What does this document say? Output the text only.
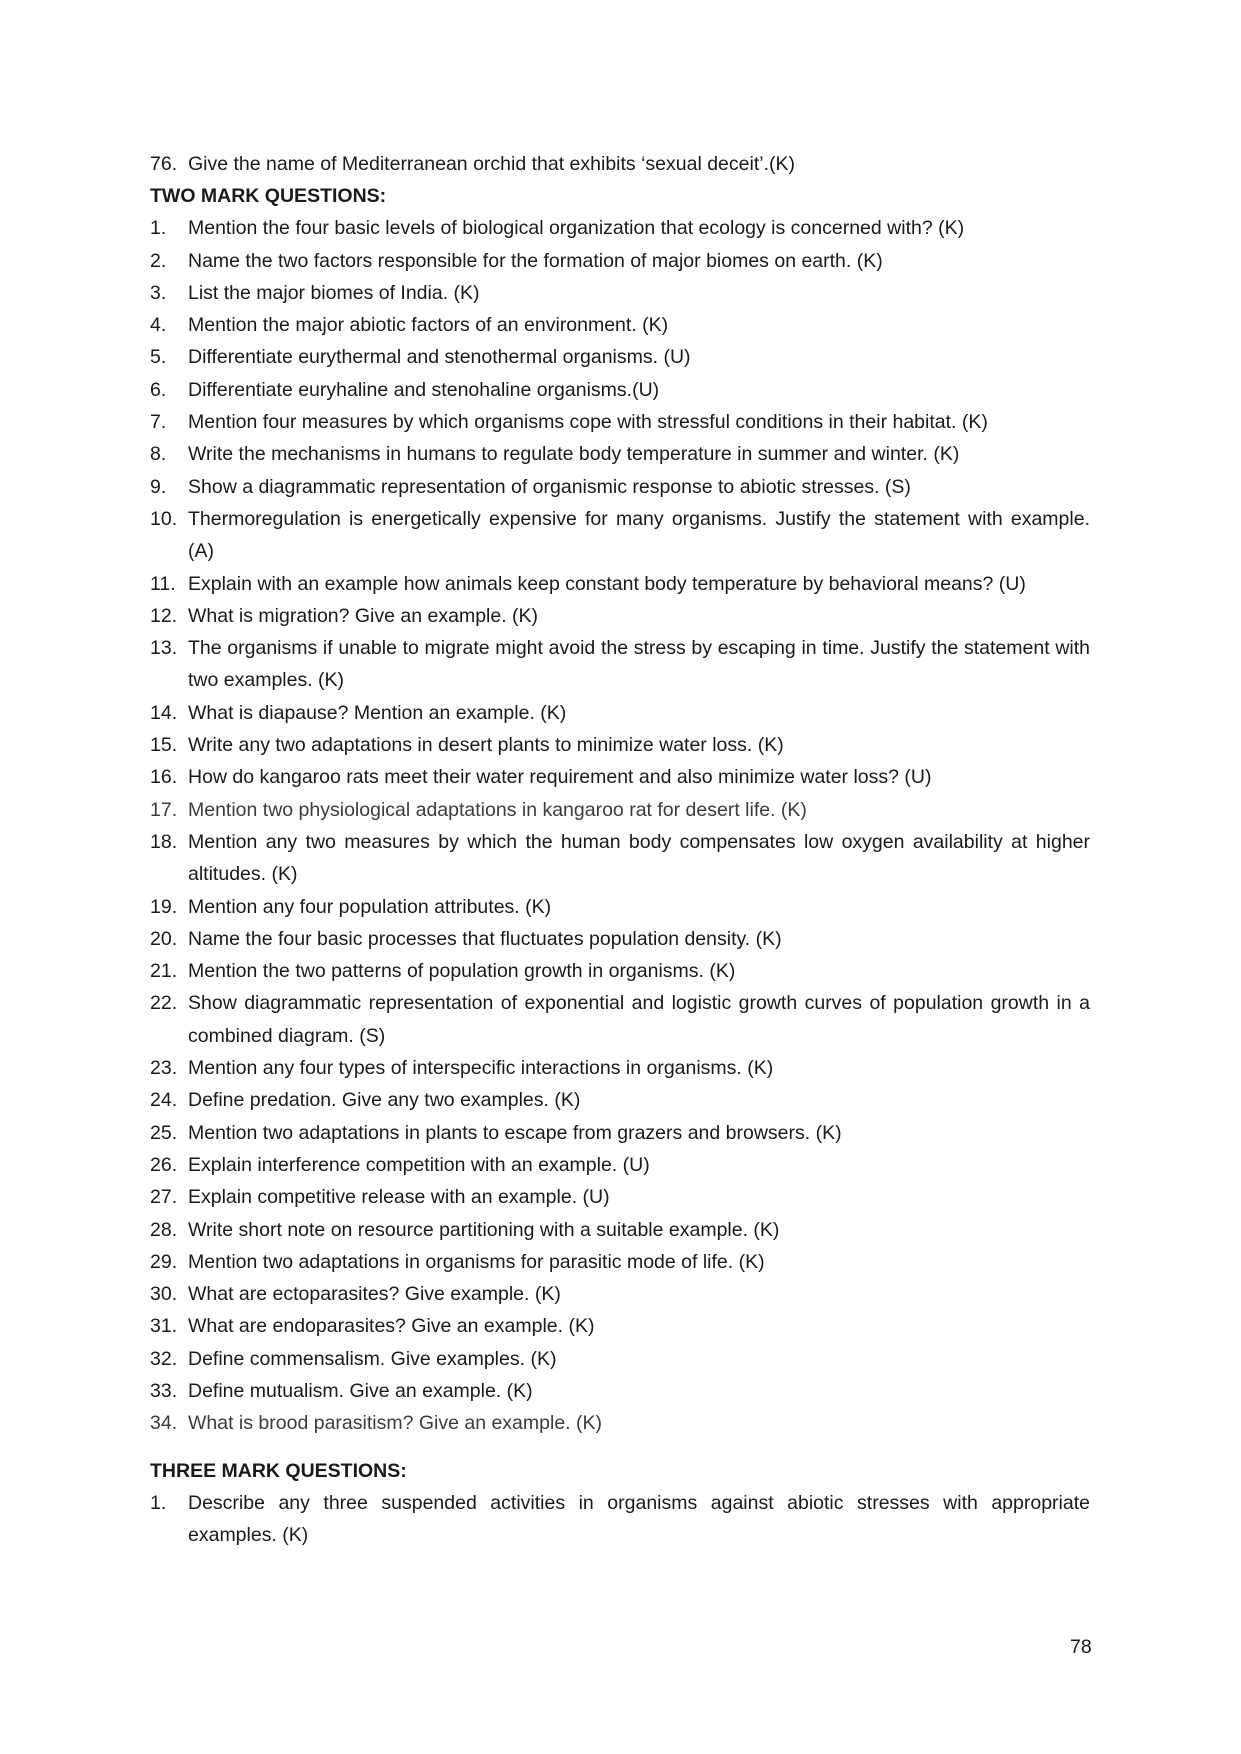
76. Give the name of Mediterranean orchid that exhibits ‘sexual deceit’.(K)
TWO MARK QUESTIONS:
1. Mention the four basic levels of biological organization that ecology is concerned with? (K)
2. Name the two factors responsible for the formation of major biomes on earth. (K)
3. List the major biomes of India. (K)
4. Mention the major abiotic factors of an environment. (K)
5. Differentiate eurythermal and stenothermal organisms. (U)
6. Differentiate euryhaline and stenohaline organisms.(U)
7. Mention four measures by which organisms cope with stressful conditions in their habitat. (K)
8. Write the mechanisms in humans to regulate body temperature in summer and winter. (K)
9. Show a diagrammatic representation of organismic response to abiotic stresses. (S)
10. Thermoregulation is energetically expensive for many organisms. Justify the statement with example. (A)
11. Explain with an example how animals keep constant body temperature by behavioral means? (U)
12. What is migration? Give an example. (K)
13. The organisms if unable to migrate might avoid the stress by escaping in time. Justify the statement with two examples. (K)
14. What is diapause? Mention an example. (K)
15. Write any two adaptations in desert plants to minimize water loss. (K)
16. How do kangaroo rats meet their water requirement and also minimize water loss? (U)
17. Mention two physiological adaptations in kangaroo rat for desert life. (K)
18. Mention any two measures by which the human body compensates low oxygen availability at higher altitudes. (K)
19. Mention any four population attributes. (K)
20. Name the four basic processes that fluctuates population density. (K)
21. Mention the two patterns of population growth in organisms. (K)
22. Show diagrammatic representation of exponential and logistic growth curves of population growth in a combined diagram. (S)
23. Mention any four types of interspecific interactions in organisms. (K)
24. Define predation. Give any two examples. (K)
25. Mention two adaptations in plants to escape from grazers and browsers. (K)
26. Explain interference competition with an example. (U)
27. Explain competitive release with an example. (U)
28. Write short note on resource partitioning with a suitable example. (K)
29. Mention two adaptations in organisms for parasitic mode of life. (K)
30. What are ectoparasites? Give example. (K)
31. What are endoparasites? Give an example. (K)
32. Define commensalism. Give examples. (K)
33. Define mutualism. Give an example. (K)
34. What is brood parasitism? Give an example. (K)
THREE MARK QUESTIONS:
1. Describe any three suspended activities in organisms against abiotic stresses with appropriate examples. (K)
78
